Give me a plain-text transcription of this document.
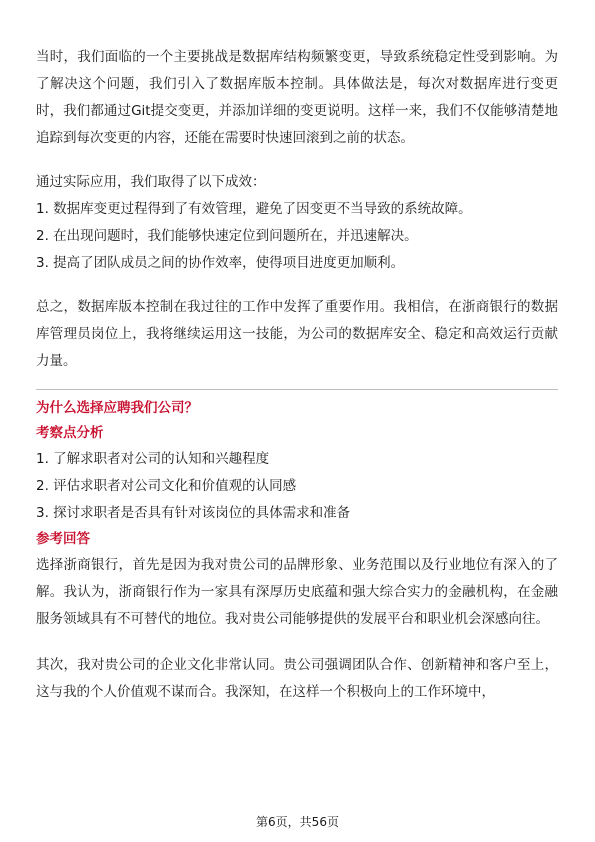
当时，我们面临的一个主要挑战是数据库结构频繁变更，导致系统稳定性受到影响。为了解决这个问题，我们引入了数据库版本控制。具体做法是，每次对数据库进行变更时，我们都通过Git提交变更，并添加详细的变更说明。这样一来，我们不仅能够清楚地追踪到每次变更的内容，还能在需要时快速回滚到之前的状态。

通过实际应用，我们取得了以下成效：

1. 数据库变更过程得到了有效管理，避免了因变更不当导致的系统故障。

2. 在出现问题时，我们能够快速定位到问题所在，并迅速解决。

3. 提高了团队成员之间的协作效率，使得项目进度更加顺利。

总之，数据库版本控制在我过往的工作中发挥了重要作用。我相信，在浙商银行的数据库管理员岗位上，我将继续运用这一技能，为公司的数据库安全、稳定和高效运行贡献力量。

为什么选择应聘我们公司？

考察点分析

1. 了解求职者对公司的认知和兴趣程度

2. 评估求职者对公司文化和价值观的认同感

3. 探讨求职者是否具有针对该岗位的具体需求和准备

参考回答

选择浙商银行，首先是因为我对贵公司的品牌形象、业务范围以及行业地位有深入的了解。我认为，浙商银行作为一家具有深厚历史底蕴和强大综合实力的金融机构，在金融服务领域具有不可替代的地位。我对贵公司能够提供的发展平台和职业机会深感向往。

其次，我对贵公司的企业文化非常认同。贵公司强调团队合作、创新精神和客户至上，这与我的个人价值观不谋而合。我深知，在这样一个积极向上的工作环境中，

第6页，共56页
